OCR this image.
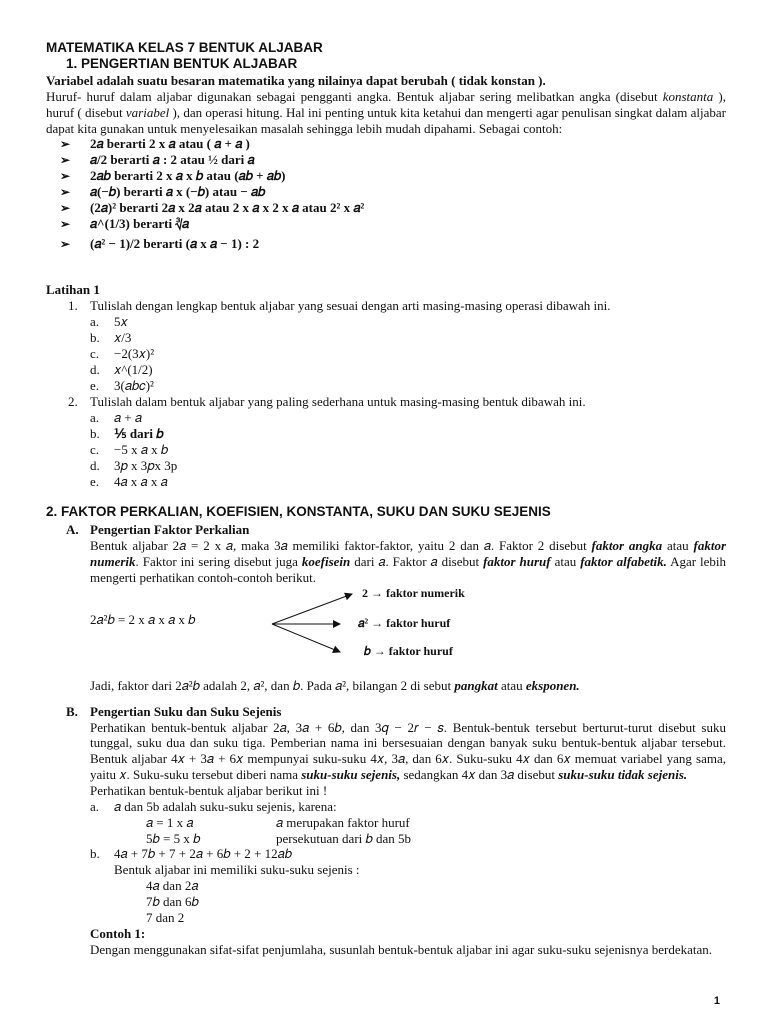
MATEMATIKA KELAS 7 BENTUK ALJABAR

1. PENGERTIAN BENTUK ALJABAR

Variabel adalah suatu besaran matematika yang nilainya dapat berubah ( tidak konstan ).

Huruf- huruf dalam aljabar digunakan sebagai pengganti angka. Bentuk aljabar sering melibatkan angka (disebut konstanta ), huruf ( disebut variabel ), dan operasi hitung. Hal ini penting untuk kita ketahui dan mengerti agar penulisan singkat dalam aljabar dapat kita gunakan untuk menyelesaikan masalah sehingga lebih mudah dipahami. Sebagai contoh:

➢	2𝑎 berarti 2 x 𝑎 atau ( 𝑎 + 𝑎 )
➢	𝑎/2 berarti 𝑎 : 2 atau ½ dari 𝑎
➢	2𝑎𝑏 berarti 2 x 𝑎 x 𝑏 atau (𝑎𝑏 + 𝑎𝑏)
➢	𝑎(−𝑏) berarti 𝑎 x (−𝑏) atau − 𝑎𝑏
➢	(2𝑎)² berarti 2𝑎 x 2𝑎 atau 2 x 𝑎 x 2 x 𝑎 atau 2² x 𝑎²
➢	𝑎^(1/3) berarti ∛𝑎
➢	(𝑎² − 1)/2 berarti (𝑎 x 𝑎 − 1) : 2

Latihan 1

1. Tulislah dengan lengkap bentuk aljabar yang sesuai dengan arti masing-masing operasi dibawah ini.
a.	5𝑥
b.	𝑥/3
c.	−2(3𝑥)²
d.	𝑥^(1/2)
e.	3(𝑎𝑏𝑐)²
2. Tulislah dalam bentuk aljabar yang paling sederhana untuk masing-masing bentuk dibawah ini.
a.	𝑎 + 𝑎
b.	⅕ dari 𝑏
c.	−5 x 𝑎 x 𝑏
d.	3𝑝 x 3𝑝x 3p
e.	4𝑎 x 𝑎 x 𝑎

2. FAKTOR PERKALIAN, KOEFISIEN, KONSTANTA, SUKU DAN SUKU SEJENIS

A. Pengertian Faktor Perkalian

Bentuk aljabar 2𝑎 = 2 x 𝑎, maka 3𝑎 memiliki faktor-faktor, yaitu 2 dan 𝑎. Faktor 2 disebut faktor angka atau faktor numerik. Faktor ini sering disebut juga koefisein dari 𝑎. Faktor 𝑎 disebut faktor huruf atau faktor alfabetik. Agar lebih mengerti perhatikan contoh-contoh berikut.

2𝑎²𝑏 = 2 x 𝑎 x 𝑎 x 𝑏
2 → faktor numerik
𝑎² → faktor huruf
𝑏 → faktor huruf

Jadi, faktor dari 2𝑎²𝑏 adalah 2, 𝑎², dan 𝑏. Pada 𝑎², bilangan 2 di sebut pangkat atau eksponen.

B. Pengertian Suku dan Suku Sejenis

Perhatikan bentuk-bentuk aljabar 2𝑎, 3𝑎 + 6𝑏, dan 3𝑞 − 2𝑟 − 𝑠. Bentuk-bentuk tersebut berturut-turut disebut suku tunggal, suku dua dan suku tiga. Pemberian nama ini bersesuaian dengan banyak suku bentuk-bentuk aljabar tersebut. Bentuk aljabar 4𝑥 + 3𝑎 + 6𝑥 mempunyai suku-suku 4𝑥, 3𝑎, dan 6𝑥. Suku-suku 4𝑥 dan 6𝑥 memuat variabel yang sama, yaitu 𝑥. Suku-suku tersebut diberi nama suku-suku sejenis, sedangkan 4𝑥 dan 3𝑎 disebut suku-suku tidak sejenis.

Perhatikan bentuk-bentuk aljabar berikut ini !

a.	𝑎 dan 5b adalah suku-suku sejenis, karena:
𝑎 = 1 x 𝑎	𝑎 merupakan faktor huruf
5𝑏 = 5 x 𝑏	persekutuan dari 𝑏 dan 5b
b.	4𝑎 + 7𝑏 + 7 + 2𝑎 + 6𝑏 + 2 + 12𝑎𝑏

Bentuk aljabar ini memiliki suku-suku sejenis :

4𝑎 dan 2𝑎

7𝑏 dan 6𝑏

7 dan 2

Contoh 1:

Dengan menggunakan sifat-sifat penjumlaha, susunlah bentuk-bentuk aljabar ini agar suku-suku sejenisnya berdekatan.

1
